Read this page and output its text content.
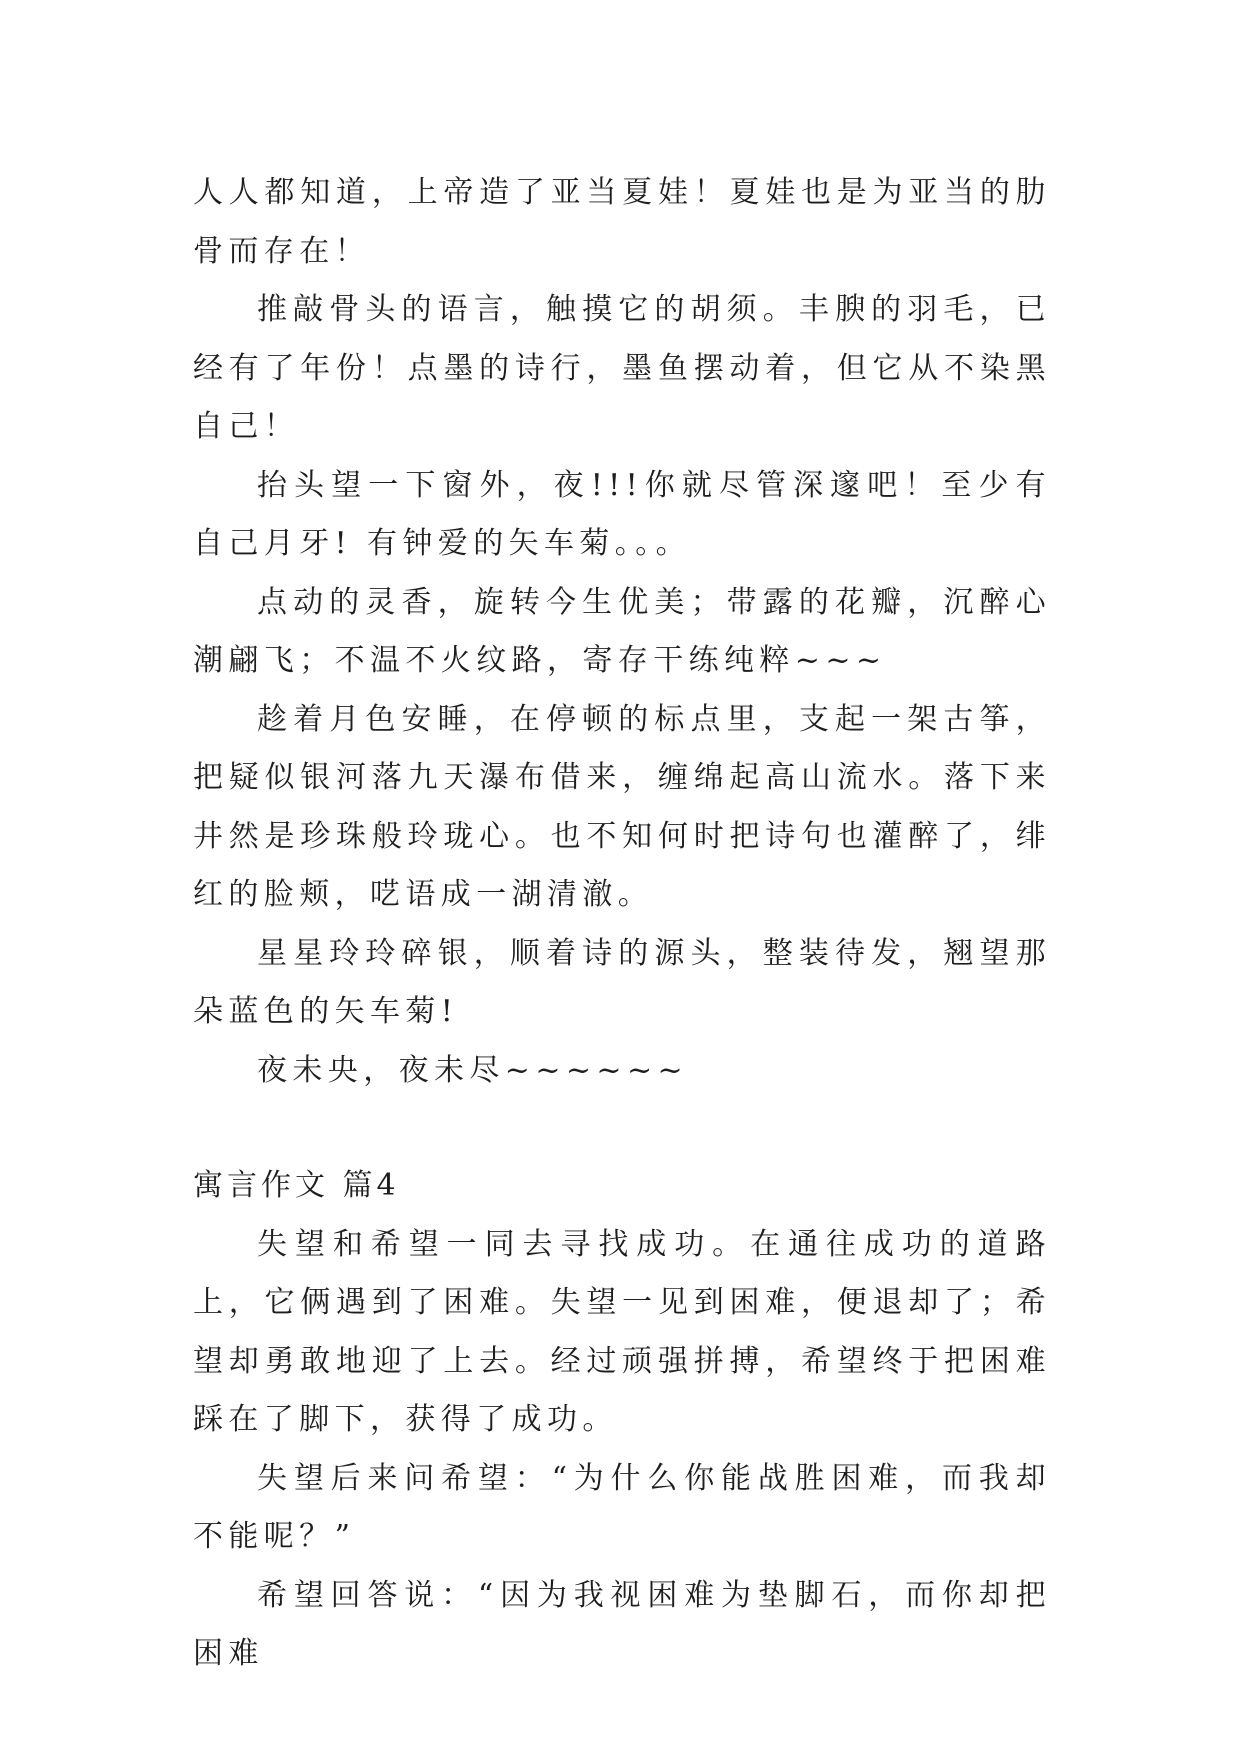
人人都知道，上帝造了亚当夏娃！夏娃也是为亚当的肋骨而存在！

推敲骨头的语言，触摸它的胡须。丰腴的羽毛，已经有了年份！点墨的诗行，墨鱼摆动着，但它从不染黑自己！

抬头望一下窗外，夜!!!你就尽管深邃吧！至少有自己月牙! 有钟爱的矢车菊。。。

点动的灵香，旋转今生优美；带露的花瓣，沉醉心潮翩飞；不温不火纹路，寄存干练纯粹~~~

趁着月色安睡，在停顿的标点里，支起一架古筝，把疑似银河落九天瀑布借来，缠绵起高山流水。落下来井然是珍珠般玲珑心。也不知何时把诗句也灌醉了，绯红的脸颊，呓语成一湖清澈。

星星玲玲碎银，顺着诗的源头，整装待发，翘望那朵蓝色的矢车菊!

夜未央，夜未尽~~~~~~

寓言作文 篇4

失望和希望一同去寻找成功。在通往成功的道路上，它俩遇到了困难。失望一见到困难，便退却了；希望却勇敢地迎了上去。经过顽强拼搏，希望终于把困难踩在了脚下，获得了成功。

失望后来问希望：“为什么你能战胜困难，而我却不能呢？”

希望回答说：“因为我视困难为垫脚石，而你却把困难
